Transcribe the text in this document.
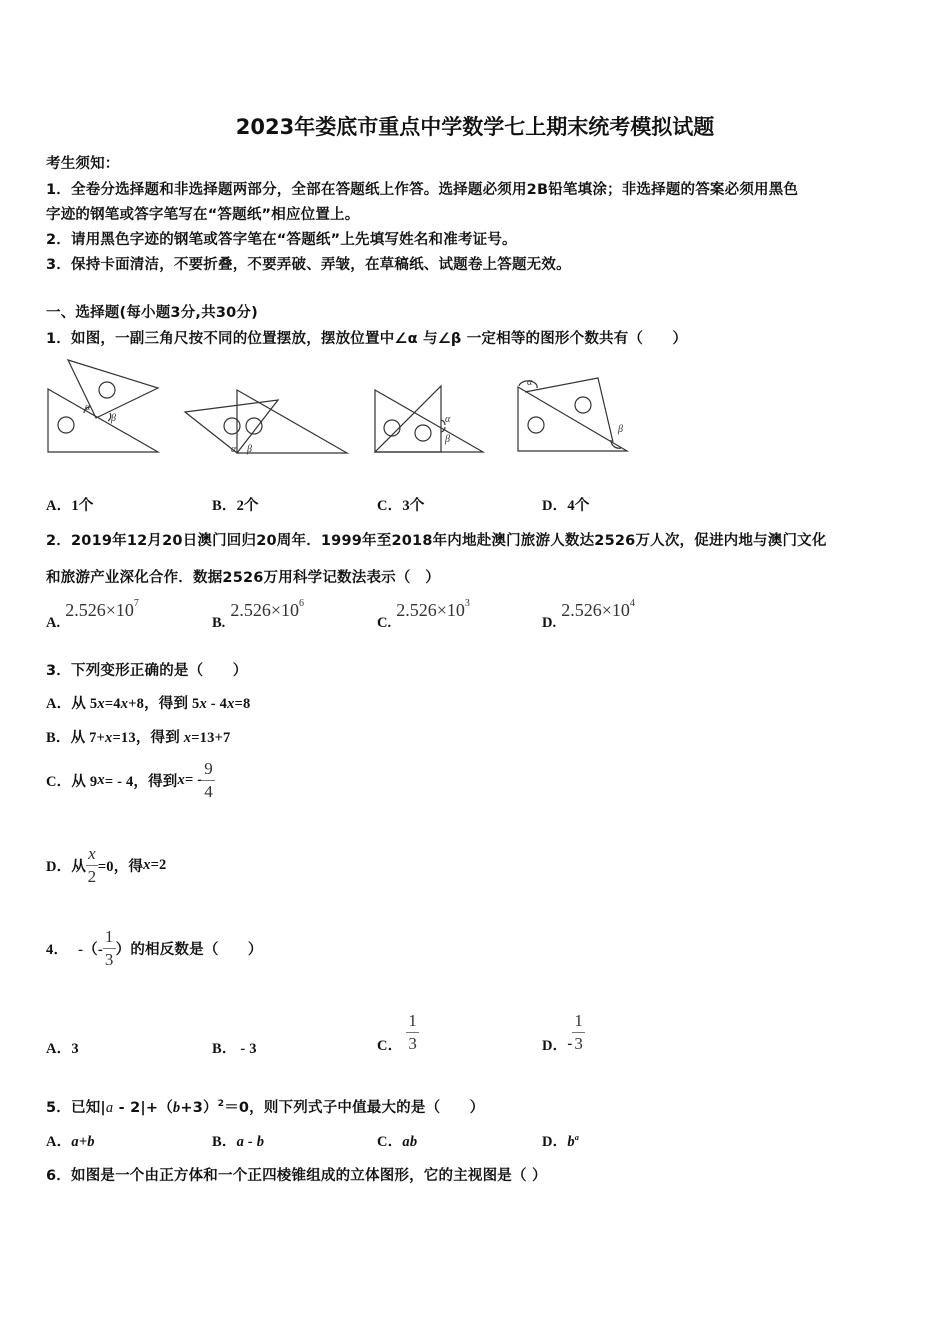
2023年娄底市重点中学数学七上期末统考模拟试题
考生须知：
1．全卷分选择题和非选择题两部分，全部在答题纸上作答。选择题必须用2B铅笔填涂；非选择题的答案必须用黑色
字迹的钢笔或答字笔写在“答题纸”相应位置上。
2．请用黑色字迹的钢笔或答字笔在“答题纸”上先填写姓名和准考证号。
3．保持卡面清洁，不要折叠，不要弄破、弄皱，在草稿纸、试题卷上答题无效。
一、选择题(每小题3分,共30分)
1．如图，一副三角尺按不同的位置摆放，摆放位置中∠α 与∠β 一定相等的图形个数共有（　　）
α
β
α β
α
β
α
β
A．1个	B．2个	C．3个	D．4个
2．2019年12月20日澳门回归20周年．1999年至2018年内地赴澳门旅游人数达2526万人次，促进内地与澳门文化
和旅游产业深化合作．数据2526万用科学记数法表示（　）
A. $2.526\times 10^7$
B. $2.526\times 10^6$
C. $2.526\times 10^3$
D. $2.526\times 10^4$
3．下列变形正确的是（　　）
A．从 5x=4x+8，得到 5x - 4x=8
B．从 7+x=13，得到 x=13+7
C． 从 9 x = - 4，得到 x = - $\frac{9}{4}$
D． 从 $\frac{x}{2} =0$，得 x =2
4． -（- $\frac{1}{3}$ ）的相反数是（　　）
A．3	B． - 3	C． $\frac{1}{3}$	D． - $\frac{1}{3}$
5．已知$|a - 2|+(b+3)^2=0$，则下列式子中值最大的是（　　）
A．a+b	B．a - b	C．ab	D．$b^a$
6．如图是一个由正方体和一个正四棱锥组成的立体图形，它的主视图是（ ）
